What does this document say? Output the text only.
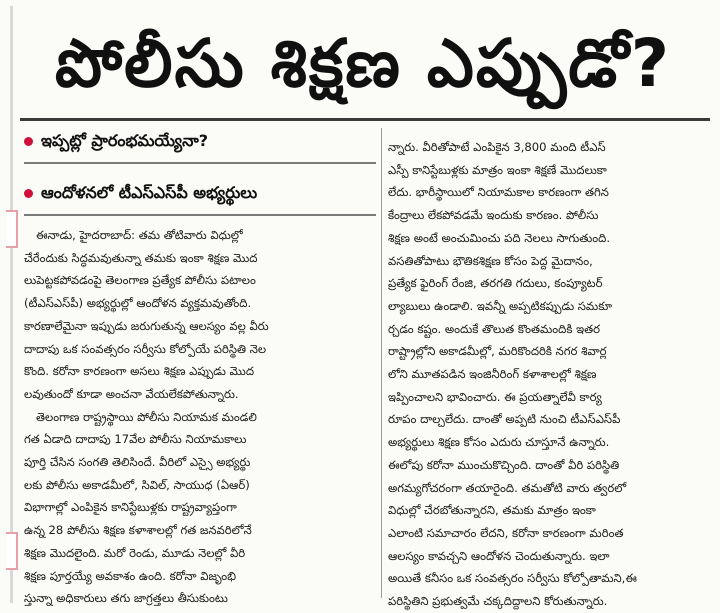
పోలీసు శిక్షణ ఎప్పుడో?
ఇప్పట్లో ప్రారంభమయ్యేనా?
ఆందోళనలో టీఎస్‌ఎస్‌పీ అభ్యర్థులు
ఈనాడు, హైదరాబాద్: తమ తోటివారు విధుల్లో
చేరేందుకు సిద్ధమవుతున్నా తమకు ఇంకా శిక్షణ మొద
లుపెట్టకపోవడంపై తెలంగాణ ప్రత్యేక పోలీసు పటాలం
(టీఎస్‌ఎస్‌పీ) అభ్యర్థుల్లో ఆందోళన వ్యక్తమవుతోంది.
కారణాలేమైనా ఇప్పుడు జరుగుతున్న ఆలస్యం వల్ల వీరు
దాదాపు ఒక సంవత్సరం సర్వీసు కోల్పోయే పరిస్థితి నెల
కొంది. కరోనా కారణంగా అసలు శిక్షణ ఎప్పుడు మొద
లవుతుందో కూడా అంచనా వేయలేకపోతున్నారు.
తెలంగాణ రాష్ట్రస్థాయి పోలీసు నియామక మండలి
గత ఏడాది దాదాపు 17వేల పోలీసు నియామకాలు
పూర్తి చేసిన సంగతి తెలిసిందే. వీరిలో ఎస్సై అభ్యర్థు
లకు పోలీసు అకాడమీలో, సివిల్, సాయుధ (ఏఆర్)
విభాగాల్లో ఎంపికైన కానిస్టేబుళ్లకు రాష్ట్రవ్యాప్తంగా
ఉన్న 28 పోలీసు శిక్షణ కళాశాలల్లో గత జనవరిలోనే
శిక్షణ మొదలైంది. మరో రెండు, మూడు నెలల్లో వీరి
శిక్షణ పూర్తయ్యే అవకాశం ఉంది. కరోనా విజృంభి
స్తున్నా అధికారులు తగు జాగ్రత్తలు తీసుకుంటు
న్నారు. వీరితోపాటే ఎంపికైన 3,800 మంది టీఎస్
ఎస్పీ కానిస్టేబుళ్లకు మాత్రం ఇంకా శిక్షణే మొదలుకా
లేదు. భారీస్థాయిలో నియామకాల కారణంగా తగిన
కేంద్రాలు లేకపోవడమే ఇందుకు కారణం. పోలీసు
శిక్షణ అంటే అంచుమించు పది నెలలు సాగుతుంది.
వసతితోపాటు భౌతికశిక్షణ కోసం పెద్ద మైదానం,
ప్రత్యేక ఫైరింగ్ రేంజి, తరగతి గదులు, కంప్యూటర్
ల్యాబులు ఉండాలి. ఇవన్నీ అప్పటికప్పుడు సమకూ
ర్చడం కష్టం. అందుకే తొలుత కొంతమందికి ఇతర
రాష్ట్రాల్లోని అకాడమీల్లో, మరికొందరికి నగర శివార్ల
లోని మూతపడిన ఇంజినీరింగ్ కళాశాలల్లో శిక్షణ
ఇప్పించాలని భావించారు. ఈ ప్రయత్నాలేవీ కార్య
రూపం దాల్చలేదు. దాంతో అప్పటి నుంచి టీఎస్‌ఎస్‌పీ
అభ్యర్థులు శిక్షణ కోసం ఎదురు చూస్తూనే ఉన్నారు.
ఈలోపు కరోనా ముంచుకొచ్చింది. దాంతో వీరి పరిస్థితి
అగమ్యగోచరంగా తయారైంది. తమతోటి వారు త్వరలో
విధుల్లో చేరబోతున్నారని, తమకు మాత్రం ఇంకా
ఎలాంటి సమాచారం లేదని, కరోనా కారణంగా మరింత
ఆలస్యం కావచ్చని ఆందోళన చెందుతున్నారు. ఇలా
అయితే కనీసం ఒక సంవత్సరం సర్వీసు కోల్పోతామని,ఈ
పరిస్థితిని ప్రభుత్వమే చక్కదిద్దాలని కోరుతున్నారు.
